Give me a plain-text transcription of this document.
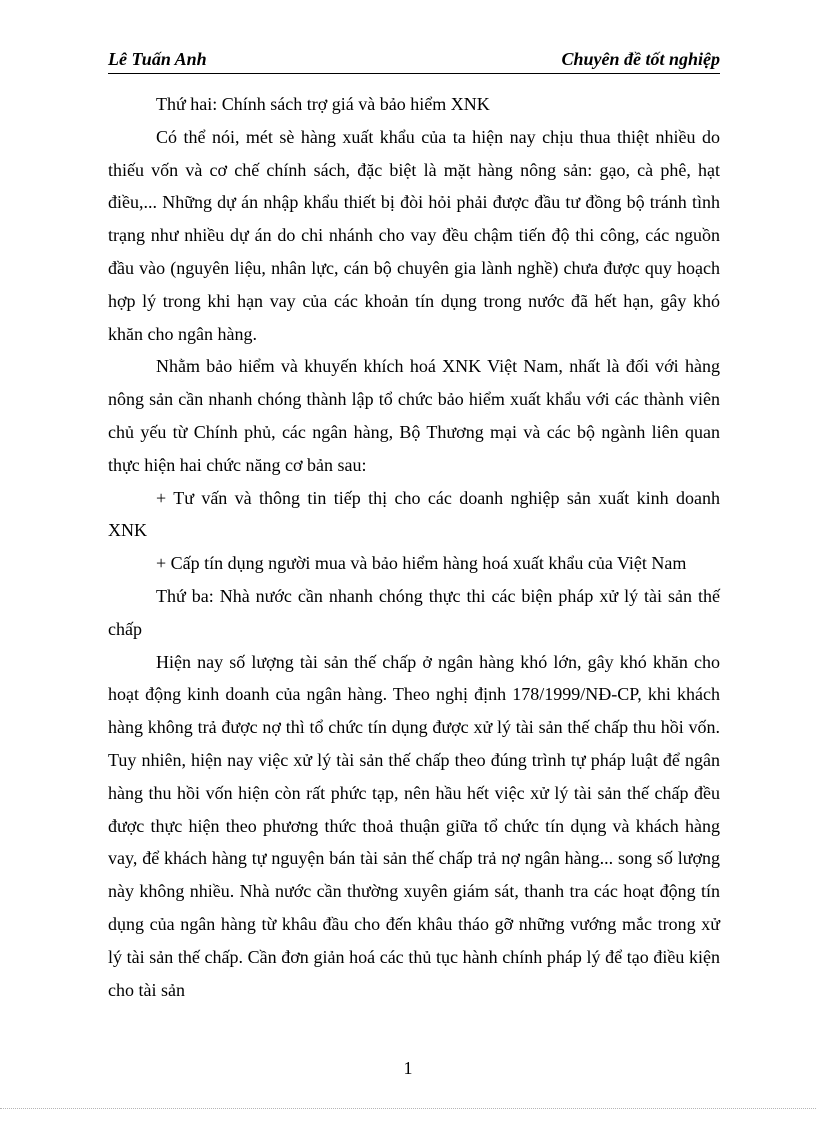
Lê Tuấn Anh	Chuyên đề tốt nghiệp

Thứ hai: Chính sách trợ giá và bảo hiểm XNK

Có thể nói, mét sè hàng xuất khẩu của ta hiện nay chịu thua thiệt nhiều do thiếu vốn và cơ chế chính sách, đặc biệt là mặt hàng nông sản: gạo, cà phê, hạt điều,... Những dự án nhập khẩu thiết bị đòi hỏi phải được đầu tư đồng bộ tránh tình trạng như nhiều dự án do chi nhánh cho vay đều chậm tiến độ thi công, các nguồn đầu vào (nguyên liệu, nhân lực, cán bộ chuyên gia lành nghề) chưa được quy hoạch hợp lý trong khi hạn vay của các khoản tín dụng trong nước đã hết hạn, gây khó khăn cho ngân hàng.

Nhằm bảo hiểm và khuyến khích hoá XNK Việt Nam, nhất là đối với hàng nông sản cần nhanh chóng thành lập tổ chức bảo hiểm xuất khẩu với các thành viên chủ yếu từ Chính phủ, các ngân hàng, Bộ Thương mại và các bộ ngành liên quan thực hiện hai chức năng cơ bản sau:

+ Tư vấn và thông tin tiếp thị cho các doanh nghiệp sản xuất kinh doanh XNK

+ Cấp tín dụng người mua và bảo hiểm hàng hoá xuất khẩu của Việt Nam

Thứ ba: Nhà nước cần nhanh chóng thực thi các biện pháp xử lý tài sản thế chấp

Hiện nay số lượng tài sản thế chấp ở ngân hàng khó lớn, gây khó khăn cho hoạt động kinh doanh của ngân hàng. Theo nghị định 178/1999/NĐ-CP, khi khách hàng không trả được nợ thì tổ chức tín dụng được xử lý tài sản thế chấp thu hồi vốn. Tuy nhiên, hiện nay việc xử lý tài sản thế chấp theo đúng trình tự pháp luật để ngân hàng thu hồi vốn hiện còn rất phức tạp, nên hầu hết việc xử lý tài sản thế chấp đều được thực hiện theo phương thức thoả thuận giữa tổ chức tín dụng và khách hàng vay, để khách hàng tự nguyện bán tài sản thế chấp trả nợ ngân hàng... song số lượng này không nhiều. Nhà nước cần thường xuyên giám sát, thanh tra các hoạt động tín dụng của ngân hàng từ khâu đầu cho đến khâu tháo gỡ những vướng mắc trong xử lý tài sản thế chấp. Cần đơn giản hoá các thủ tục hành chính pháp lý để tạo điều kiện cho tài sản

1
